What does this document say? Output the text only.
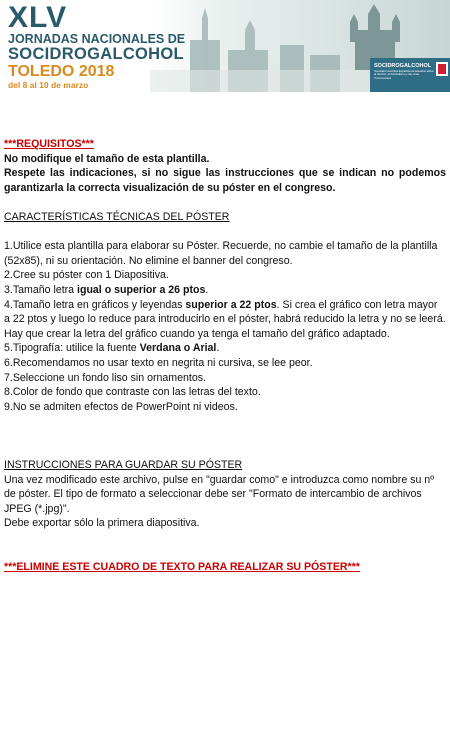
SOCIDROGALCOHOL
Sociedad Científica Española de Estudios sobre el Alcohol, el Alcoholismo y las otras Toxicomanías
XLV
JORNADAS NACIONALES DE
SOCIDROGALCOHOL
TOLEDO 2018
del 8 al 10 de marzo

***REQUISITOS***

No modifique el tamaño de esta plantilla.

Respete las indicaciones, si no sigue las instrucciones que se indican no podemos garantizarla la correcta visualización de su póster en el congreso.

CARACTERÍSTICAS TÉCNICAS DEL PÓSTER

1.Utilice esta plantilla para elaborar su Póster. Recuerde, no cambie el tamaño de la plantilla (52x85), ni su orientación. No elimine el banner del congreso.

2.Cree su póster con 1 Diapositiva.

3.Tamaño letra igual o superior a 26 ptos.

4.Tamaño letra en gráficos y leyendas superior a 22 ptos. Si crea el gráfico con letra mayor a 22 ptos y luego lo reduce para introducirlo en el póster, habrá reducido la letra y no se leerá. Hay que crear la letra del gráfico cuando ya tenga el tamaño del gráfico adaptado.

5.Tipografía: utilice la fuente Verdana o Arial.

6.Recomendamos no usar texto en negrita ni cursiva, se lee peor.

7.Seleccione un fondo liso sin ornamentos.

8.Color de fondo que contraste con las letras del texto.

9.No se admiten efectos de PowerPoint ni videos.

INSTRUCCIONES PARA GUARDAR SU PÓSTER

Una vez modificado este archivo, pulse en "guardar como" e introduzca como nombre su nº de póster. El tipo de formato a seleccionar debe ser "Formato de intercambio de archivos JPEG (*.jpg)".

Debe exportar sólo la primera diapositiva.

***ELIMINE ESTE CUADRO DE TEXTO PARA REALIZAR SU PÓSTER***
